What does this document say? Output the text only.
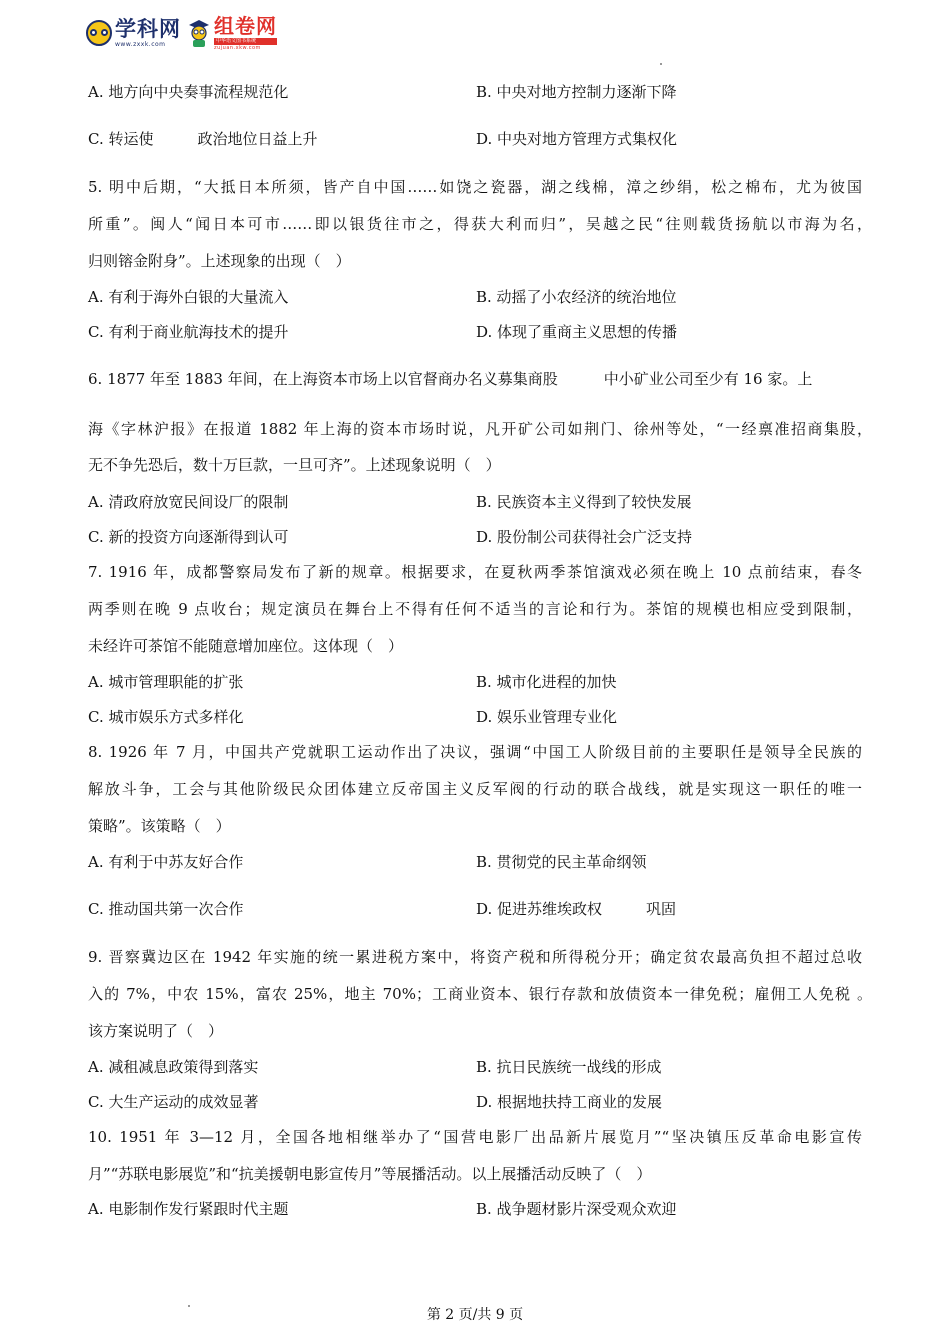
学科网
www.zxxk.com
组卷网
中华语文图书系统
zujuan.xkw.com
A. 地方向中央奏事流程规范化	B. 中央对地方控制力逐渐下降
C. 转运使	政治地位日益上升	D. 中央对地方管理方式集权化
5. 明中后期，“大抵日本所须，皆产自中国……如饶之瓷器，湖之线棉，漳之纱绢，松之棉布，尤为彼国
所重”。闽人“闻日本可市……即以银货往市之，得获大利而归”，吴越之民“往则载货扬航以市海为名，
归则镕金附身”。上述现象的出现（　）
A. 有利于海外白银的大量流入	B. 动摇了小农经济的统治地位
C. 有利于商业航海技术的提升	D. 体现了重商主义思想的传播
6. 1877 年至 1883 年间，在上海资本市场上以官督商办名义募集商股	中小矿业公司至少有 16 家。上
海《字林沪报》在报道 1882 年上海的资本市场时说，凡开矿公司如荆门、徐州等处，“一经禀准招商集股，
无不争先恐后，数十万巨款，一旦可齐”。上述现象说明（　）
A. 清政府放宽民间设厂的限制	B. 民族资本主义得到了较快发展
C. 新的投资方向逐渐得到认可	D. 股份制公司获得社会广泛支持
7. 1916 年，成都警察局发布了新的规章。根据要求，在夏秋两季茶馆演戏必须在晚上 10 点前结束，春冬
两季则在晚 9 点收台；规定演员在舞台上不得有任何不适当的言论和行为。茶馆的规模也相应受到限制，
未经许可茶馆不能随意增加座位。这体现（　）
A. 城市管理职能的扩张	B. 城市化进程的加快
C. 城市娱乐方式多样化	D. 娱乐业管理专业化
8. 1926 年 7 月，中国共产党就职工运动作出了决议，强调“中国工人阶级目前的主要职任是领导全民族的
解放斗争，工会与其他阶级民众团体建立反帝国主义反军阀的行动的联合战线，就是实现这一职任的唯一
策略”。该策略（　）
A. 有利于中苏友好合作	B. 贯彻党的民主革命纲领
C. 推动国共第一次合作	D. 促进苏维埃政权	巩固
9. 晋察冀边区在 1942 年实施的统一累进税方案中，将资产税和所得税分开；确定贫农最高负担不超过总收
入的 7%，中农 15%，富农 25%，地主 70%；工商业资本、银行存款和放债资本一律免税；雇佣工人免税 。
该方案说明了（　）
A. 减租减息政策得到落实	B. 抗日民族统一战线的形成
C. 大生产运动的成效显著	D. 根据地扶持工商业的发展
10. 1951 年 3—12 月，全国各地相继举办了“国营电影厂出品新片展览月”“坚决镇压反革命电影宣传
月”“苏联电影展览”和“抗美援朝电影宣传月”等展播活动。以上展播活动反映了（　）
A. 电影制作发行紧跟时代主题	B. 战争题材影片深受观众欢迎
第 2 页/共 9 页
